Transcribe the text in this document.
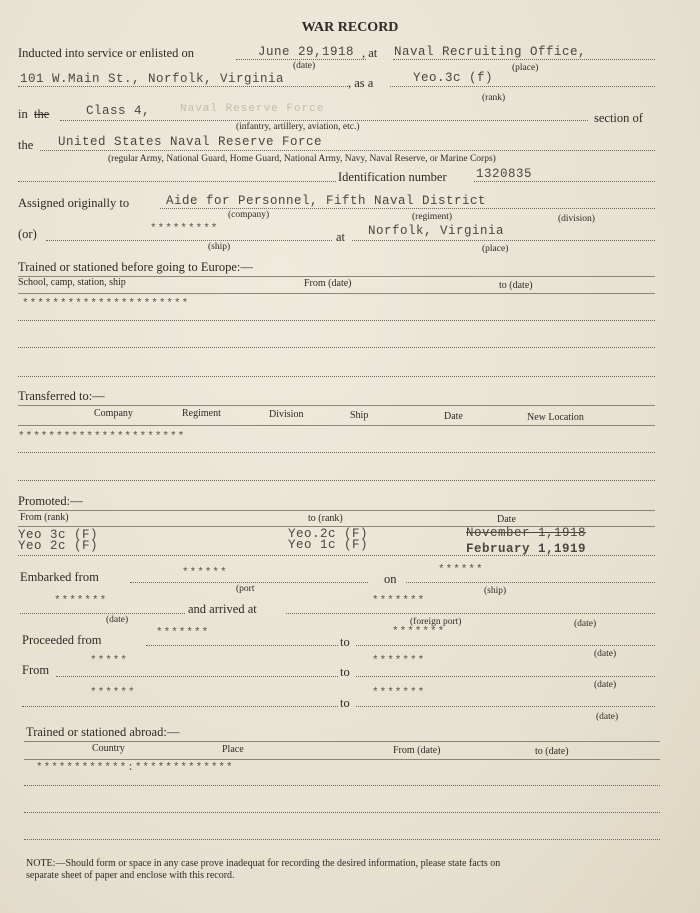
WAR RECORD
Inducted into service or enlisted on	June 29,1918 , at Naval Recruiting Office,
(date)	(place)
101 W.Main St., Norfolk, Virginia	, as a	Yeo.3c (f)
(rank)
in the	Class 4,	Naval Reserve Force
section of
(infantry, artillery, aviation, etc.)
the United States Naval Reserve Force
(regular Army, National Guard, Home Guard, National Army, Navy, Naval Reserve, or Marine Corps)
Identification number 1320835
Assigned originally to	Aide for Personnel, Fifth Naval District
(company)	(regiment)	(division)
(or)	*********
at Norfolk, Virginia
(ship)	(place)
Trained or stationed before going to Europe:—
School, camp, station, ship	From (date)	to (date)
**********************
Transferred to:—
Company	Regiment	Division	Ship	Date	New Location
**********************
Promoted:—
From (rank)	to (rank)	Date
Yeo 3c (F)	Yeo.2c (F)	November 1,1918
Yeo 2c (F)	Yeo 1c (F)	February 1,1919
Embarked from	******	on
******
(port	(ship)
*******
and arrived at
*******
(date)	(foreign port)	(date)
Proceeded from	*******
to
*******
(date)
From
*****
to
*******
(date)
******
to
*******
(date)
Trained or stationed abroad:—
Country	Place	From (date)	to (date)
************:*************
NOTE:—Should form or space in any case prove inadequat for recording the desired information, please state facts on
separate sheet of paper and enclose with this record.
